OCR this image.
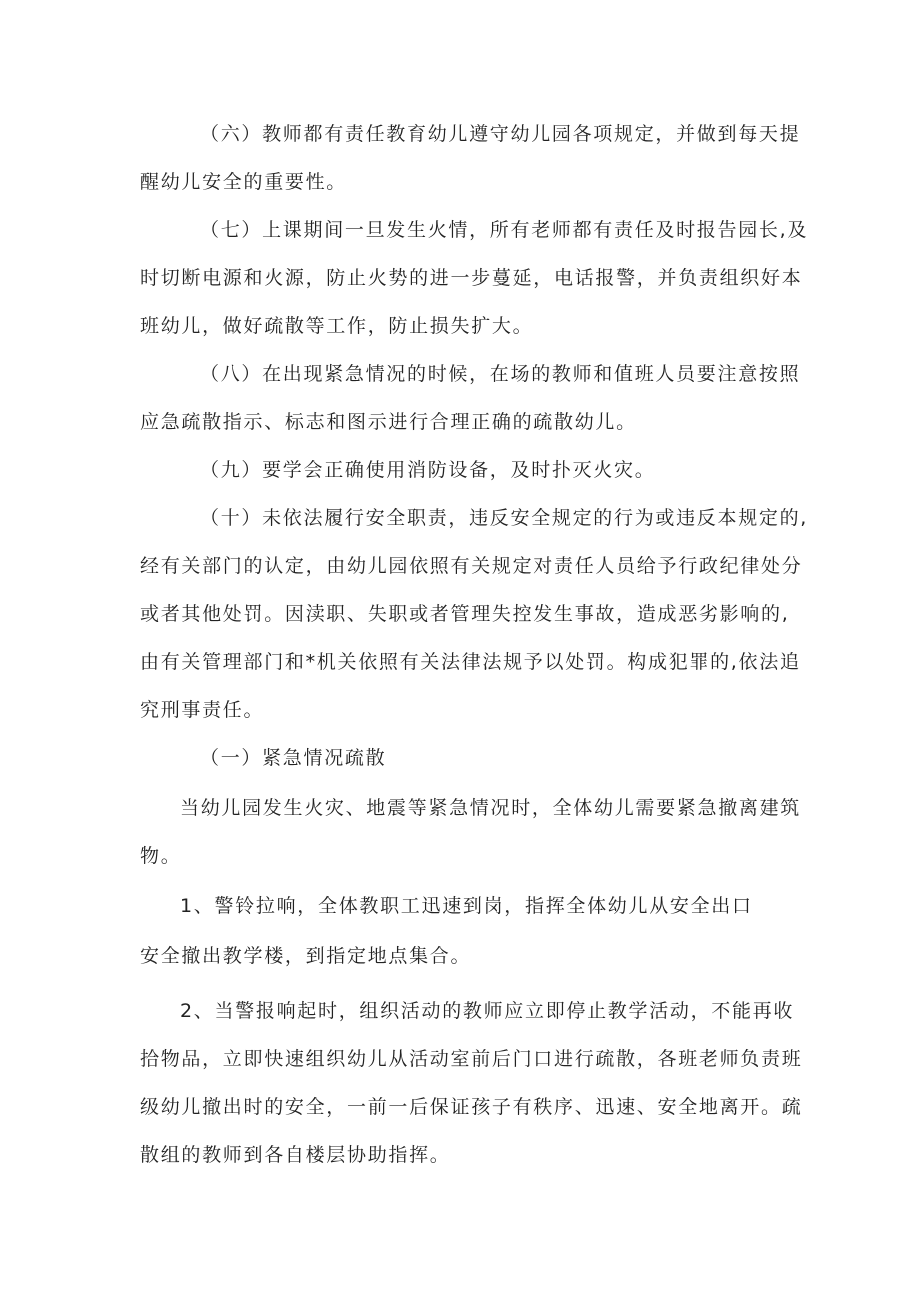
（六）教师都有责任教育幼儿遵守幼儿园各项规定，并做到每天提

醒幼儿安全的重要性。

（七）上课期间一旦发生火情，所有老师都有责任及时报告园长,及

时切断电源和火源，防止火势的进一步蔓延，电话报警，并负责组织好本

班幼儿，做好疏散等工作，防止损失扩大。

（八）在出现紧急情况的时候，在场的教师和值班人员要注意按照

应急疏散指示、标志和图示进行合理正确的疏散幼儿。

（九）要学会正确使用消防设备，及时扑灭火灾。

（十）未依法履行安全职责，违反安全规定的行为或违反本规定的,

经有关部门的认定，由幼儿园依照有关规定对责任人员给予行政纪律处分

或者其他处罚。因渎职、失职或者管理失控发生事故，造成恶劣影响的,

由有关管理部门和*机关依照有关法律法规予以处罚。构成犯罪的,依法追

究刑事责任。

（一）紧急情况疏散

当幼儿园发生火灾、地震等紧急情况时，全体幼儿需要紧急撤离建筑

物。

1、警铃拉响，全体教职工迅速到岗，指挥全体幼儿从安全出口

安全撤出教学楼，到指定地点集合。

2、当警报响起时，组织活动的教师应立即停止教学活动，不能再收

拾物品，立即快速组织幼儿从活动室前后门口进行疏散，各班老师负责班

级幼儿撤出时的安全，一前一后保证孩子有秩序、迅速、安全地离开。疏

散组的教师到各自楼层协助指挥。
